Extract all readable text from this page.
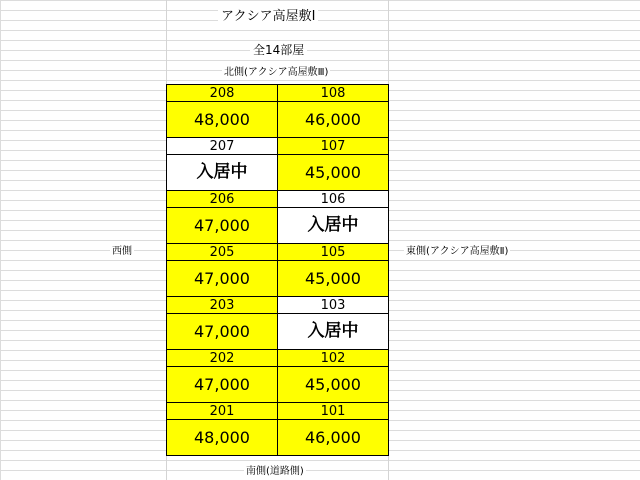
アクシア高屋敷Ⅰ
全14部屋
北側(アクシア高屋敷Ⅲ)
西側	東側(アクシア高屋敷Ⅱ)
南側(道路側)
208	108
48,000	46,000
207	107
入居中	45,000
206	106
47,000	入居中
205	105
47,000	45,000
203	103
47,000	入居中
202	102
47,000	45,000
201	101
48,000	46,000
